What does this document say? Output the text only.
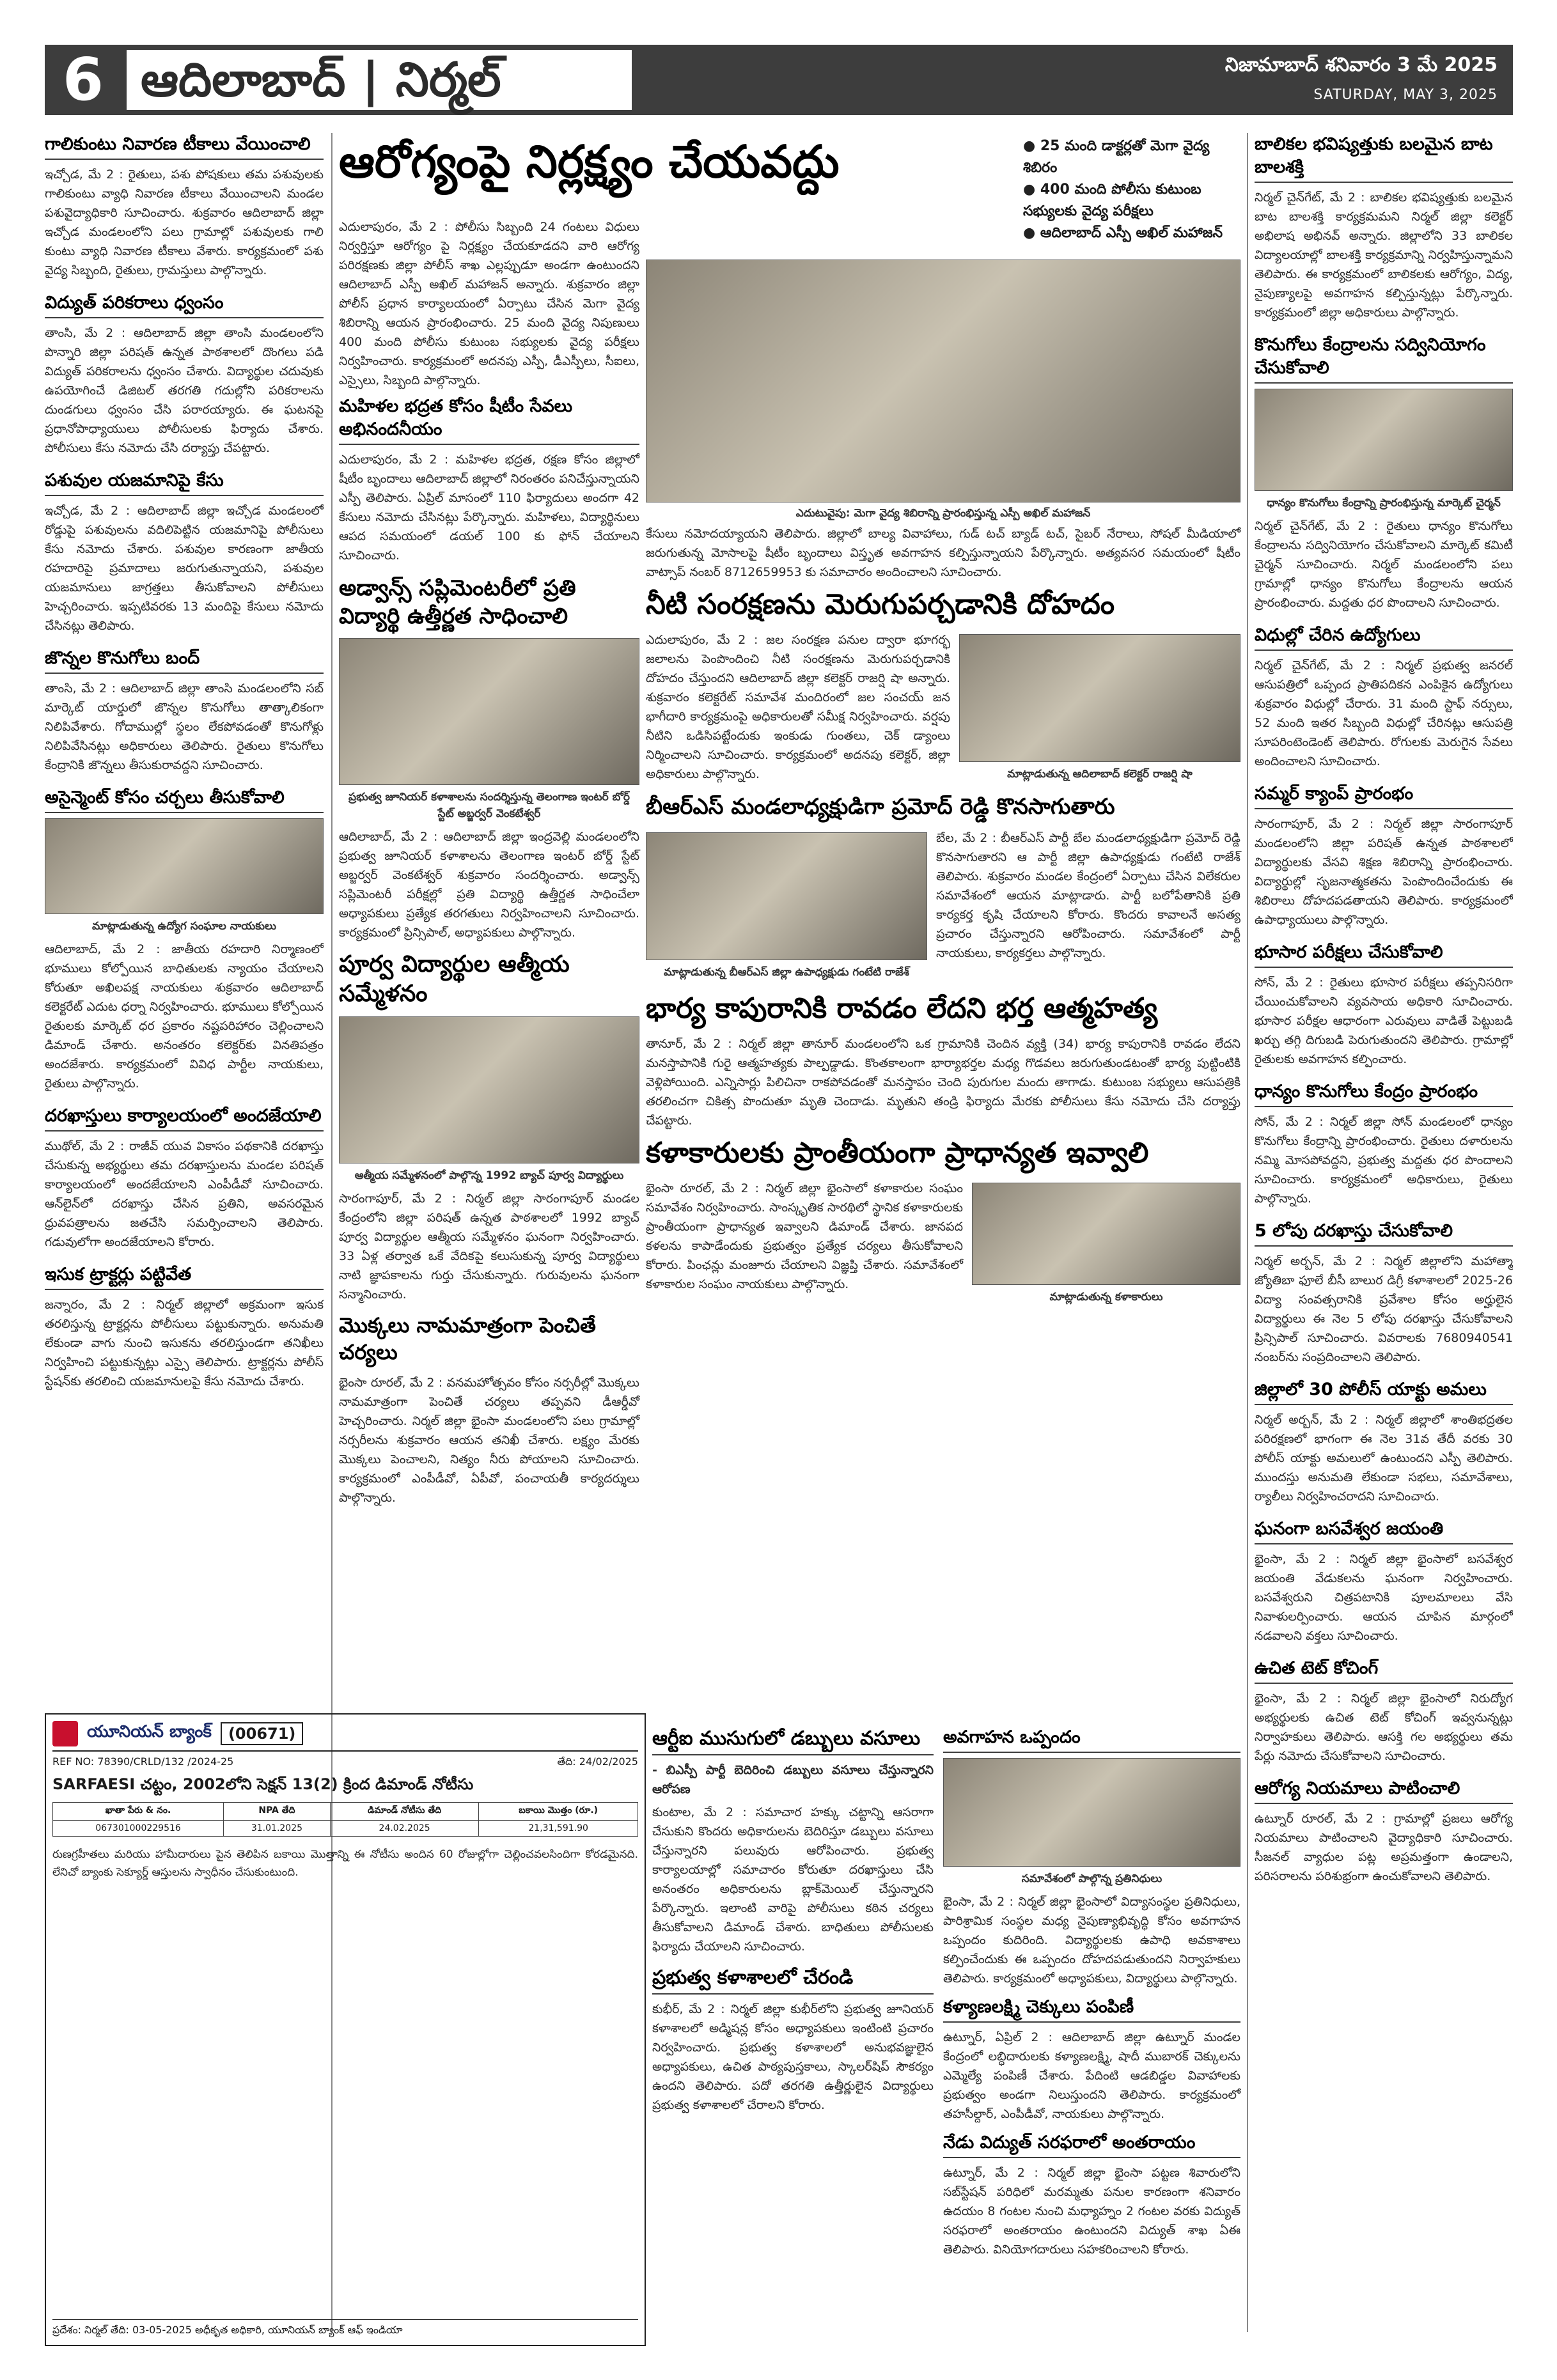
6 ఆదిలాబాద్ | నిర్మల్	నిజామాబాద్ శనివారం 3 మే 2025
SATURDAY, MAY 3, 2025
గాలికుంటు నివారణ టీకాలు వేయించాలి
ఇచ్చోడ, మే 2 : రైతులు, పశు పోషకులు తమ పశువులకు గాలికుంటు వ్యాధి నివారణ టీకాలు వేయించాలని మండల పశువైద్యాధికారి సూచించారు. శుక్రవారం ఆదిలాబాద్ జిల్లా ఇచ్చోడ మండలంలోని పలు గ్రామాల్లో పశువులకు గాలి కుంటు వ్యాధి నివారణ టీకాలు వేశారు. కార్యక్రమంలో పశు వైద్య సిబ్బంది, రైతులు, గ్రామస్తులు పాల్గొన్నారు.
విద్యుత్ పరికరాలు ధ్వంసం
తాంసి, మే 2 : ఆదిలాబాద్ జిల్లా తాంసి మండలంలోని పొన్నారి జిల్లా పరిషత్ ఉన్నత పాఠశాలలో దొంగలు పడి విద్యుత్ పరికరాలను ధ్వంసం చేశారు. విద్యార్థుల చదువుకు ఉపయోగించే డిజిటల్ తరగతి గదుల్లోని పరికరాలను దుండగులు ధ్వంసం చేసి పరారయ్యారు. ఈ ఘటనపై ప్రధానోపాధ్యాయులు పోలీసులకు ఫిర్యాదు చేశారు. పోలీసులు కేసు నమోదు చేసి దర్యాప్తు చేపట్టారు.
పశువుల యజమానిపై కేసు
ఇచ్చోడ, మే 2 : ఆదిలాబాద్ జిల్లా ఇచ్చోడ మండలంలో రోడ్డుపై పశువులను వదిలిపెట్టిన యజమానిపై పోలీసులు కేసు నమోదు చేశారు. పశువుల కారణంగా జాతీయ రహదారిపై ప్రమాదాలు జరుగుతున్నాయని, పశువుల యజమానులు జాగ్రత్తలు తీసుకోవాలని పోలీసులు హెచ్చరించారు. ఇప్పటివరకు 13 మందిపై కేసులు నమోదు చేసినట్లు తెలిపారు.
జొన్నల కొనుగోలు బంద్
తాంసి, మే 2 : ఆదిలాబాద్ జిల్లా తాంసి మండలంలోని సబ్ మార్కెట్ యార్డులో జొన్నల కొనుగోలు తాత్కాలికంగా నిలిపివేశారు. గోదాముల్లో స్థలం లేకపోవడంతో కొనుగోళ్లు నిలిపివేసినట్లు అధికారులు తెలిపారు. రైతులు కొనుగోలు కేంద్రానికి జొన్నలు తీసుకురావద్దని సూచించారు.
అసైన్మెంట్ కోసం చర్చలు తీసుకోవాలి
మాట్లాడుతున్న ఉద్యోగ సంఘాల నాయకులు
ఆదిలాబాద్, మే 2 : జాతీయ రహదారి నిర్మాణంలో భూములు కోల్పోయిన బాధితులకు న్యాయం చేయాలని కోరుతూ అఖిలపక్ష నాయకులు శుక్రవారం ఆదిలాబాద్ కలెక్టరేట్ ఎదుట ధర్నా నిర్వహించారు. భూములు కోల్పోయిన రైతులకు మార్కెట్ ధర ప్రకారం నష్టపరిహారం చెల్లించాలని డిమాండ్ చేశారు. అనంతరం కలెక్టర్‌కు వినతిపత్రం అందజేశారు. కార్యక్రమంలో వివిధ పార్టీల నాయకులు, రైతులు పాల్గొన్నారు.
దరఖాస్తులు కార్యాలయంలో అందజేయాలి
ముథోల్, మే 2 : రాజీవ్ యువ వికాసం పథకానికి దరఖాస్తు చేసుకున్న అభ్యర్థులు తమ దరఖాస్తులను మండల పరిషత్ కార్యాలయంలో అందజేయాలని ఎంపీడీవో సూచించారు. ఆన్‌లైన్‌లో దరఖాస్తు చేసిన ప్రతిని, అవసరమైన ధ్రువపత్రాలను జతచేసి సమర్పించాలని తెలిపారు. గడువులోగా అందజేయాలని కోరారు.
ఇసుక ట్రాక్టర్లు పట్టివేత
జన్నారం, మే 2 : నిర్మల్ జిల్లాలో అక్రమంగా ఇసుక తరలిస్తున్న ట్రాక్టర్లను పోలీసులు పట్టుకున్నారు. అనుమతి లేకుండా వాగు నుంచి ఇసుకను తరలిస్తుండగా తనిఖీలు నిర్వహించి పట్టుకున్నట్లు ఎస్సై తెలిపారు. ట్రాక్టర్లను పోలీస్ స్టేషన్‌కు తరలించి యజమానులపై కేసు నమోదు చేశారు.
యూనియన్ బ్యాంక్	(00671)
REF NO: 78390/CRLD/132 /2024-25	తేది: 24/02/2025
SARFAESI చట్టం, 2002లోని సెక్షన్ 13(2) క్రింద డిమాండ్ నోటీసు
ఖాతా పేరు & నం.	NPA తేది	డిమాండ్ నోటీసు తేది	బకాయి మొత్తం (రూ.)
067301000229516	31.01.2025	24.02.2025	21,31,591.90
రుణగ్రహీతలు మరియు హామీదారులు పైన తెలిపిన బకాయి మొత్తాన్ని ఈ నోటీసు అందిన 60 రోజుల్లోగా చెల్లించవలసిందిగా కోరడమైనది. లేనిచో బ్యాంకు సెక్యూర్డ్ ఆస్తులను స్వాధీనం చేసుకుంటుంది.
ప్రదేశం: నిర్మల్ తేది: 03-05-2025 అధీకృత అధికారి, యూనియన్ బ్యాంక్ ఆఫ్ ఇండియా
ఆరోగ్యంపై నిర్లక్ష్యం చేయవద్దు	● 25 మంది డాక్టర్లతో మెగా వైద్య శిబిరం
● 400 మంది పోలీసు కుటుంబ సభ్యులకు వైద్య పరీక్షలు
● ఆదిలాబాద్ ఎస్పీ అఖిల్ మహాజన్
ఎదులాపురం, మే 2 : పోలీసు సిబ్బంది 24 గంటలు విధులు నిర్వర్తిస్తూ ఆరోగ్యం పై నిర్లక్ష్యం చేయకూడదని వారి ఆరోగ్య పరిరక్షణకు జిల్లా పోలీస్ శాఖ ఎల్లప్పుడూ అండగా ఉంటుందని ఆదిలాబాద్ ఎస్పీ అఖిల్ మహాజన్ అన్నారు. శుక్రవారం జిల్లా పోలీస్ ప్రధాన కార్యాలయంలో ఏర్పాటు చేసిన మెగా వైద్య శిబిరాన్ని ఆయన ప్రారంభించారు. 25 మంది వైద్య నిపుణులు 400 మంది పోలీసు కుటుంబ సభ్యులకు వైద్య పరీక్షలు నిర్వహించారు. కార్యక్రమంలో అదనపు ఎస్పీ, డీఎస్పీలు, సీఐలు, ఎస్సైలు, సిబ్బంది పాల్గొన్నారు.
మహిళల భద్రత కోసం షీటీం సేవలు అభినందనీయం
ఎదులాపురం, మే 2 : మహిళల భద్రత, రక్షణ కోసం జిల్లాలో షీటీం బృందాలు ఆదిలాబాద్ జిల్లాలో నిరంతరం పనిచేస్తున్నాయని ఎస్పీ తెలిపారు. ఏప్రిల్ మాసంలో 110 ఫిర్యాదులు అందగా 42 కేసులు నమోదు చేసినట్లు పేర్కొన్నారు. మహిళలు, విద్యార్థినులు ఆపద సమయంలో డయల్ 100 కు ఫోన్ చేయాలని సూచించారు.
అడ్వాన్స్ సప్లిమెంటరీలో ప్రతి విద్యార్థి ఉత్తీర్ణత సాధించాలి
ప్రభుత్వ జూనియర్ కళాశాలను సందర్శిస్తున్న తెలంగాణ ఇంటర్ బోర్డ్ స్టేట్ అబ్జర్వర్ వెంకటేశ్వర్
ఆదిలాబాద్, మే 2 : ఆదిలాబాద్ జిల్లా ఇంద్రవెల్లి మండలంలోని ప్రభుత్వ జూనియర్ కళాశాలను తెలంగాణ ఇంటర్ బోర్డ్ స్టేట్ అబ్జర్వర్ వెంకటేశ్వర్ శుక్రవారం సందర్శించారు. అడ్వాన్స్ సప్లిమెంటరీ పరీక్షల్లో ప్రతి విద్యార్థి ఉత్తీర్ణత సాధించేలా అధ్యాపకులు ప్రత్యేక తరగతులు నిర్వహించాలని సూచించారు. కార్యక్రమంలో ప్రిన్సిపాల్, అధ్యాపకులు పాల్గొన్నారు.
పూర్వ విద్యార్థుల ఆత్మీయ సమ్మేళనం
ఆత్మీయ సమ్మేళనంలో పాల్గొన్న 1992 బ్యాచ్ పూర్వ విద్యార్థులు
సారంగాపూర్, మే 2 : నిర్మల్ జిల్లా సారంగాపూర్ మండల కేంద్రంలోని జిల్లా పరిషత్ ఉన్నత పాఠశాలలో 1992 బ్యాచ్ పూర్వ విద్యార్థుల ఆత్మీయ సమ్మేళనం ఘనంగా నిర్వహించారు. 33 ఏళ్ల తర్వాత ఒకే వేదికపై కలుసుకున్న పూర్వ విద్యార్థులు నాటి జ్ఞాపకాలను గుర్తు చేసుకున్నారు. గురువులను ఘనంగా సన్మానించారు.
మొక్కలు నామమాత్రంగా పెంచితే చర్యలు
భైంసా రూరల్, మే 2 : వనమహోత్సవం కోసం నర్సరీల్లో మొక్కలు నామమాత్రంగా పెంచితే చర్యలు తప్పవని డీఆర్డీవో హెచ్చరించారు. నిర్మల్ జిల్లా భైంసా మండలంలోని పలు గ్రామాల్లో నర్సరీలను శుక్రవారం ఆయన తనిఖీ చేశారు. లక్ష్యం మేరకు మొక్కలు పెంచాలని, నిత్యం నీరు పోయాలని సూచించారు. కార్యక్రమంలో ఎంపీడీవో, ఏపీవో, పంచాయతీ కార్యదర్శులు పాల్గొన్నారు.
ఎదుటువైపు: మెగా వైద్య శిబిరాన్ని ప్రారంభిస్తున్న ఎస్పీ అఖిల్ మహాజన్
కేసులు నమోదయ్యాయని తెలిపారు. జిల్లాలో బాల్య వివాహాలు, గుడ్ టచ్ బ్యాడ్ టచ్, సైబర్ నేరాలు, సోషల్ మీడియాలో జరుగుతున్న మోసాలపై షీటీం బృందాలు విస్తృత అవగాహన కల్పిస్తున్నాయని పేర్కొన్నారు. అత్యవసర సమయంలో షీటీం వాట్సాప్ నంబర్ 8712659953 కు సమాచారం అందించాలని సూచించారు.
నీటి సంరక్షణను మెరుగుపర్చడానికి దోహదం
ఎదులాపురం, మే 2 : జల సంరక్షణ పనుల ద్వారా భూగర్భ జలాలను పెంపొందించి నీటి సంరక్షణను మెరుగుపర్చడానికి దోహదం చేస్తుందని ఆదిలాబాద్ జిల్లా కలెక్టర్ రాజర్షి షా అన్నారు. శుక్రవారం కలెక్టరేట్ సమావేశ మందిరంలో జల సంచయ్ జన భాగీదారి కార్యక్రమంపై అధికారులతో సమీక్ష నిర్వహించారు. వర్షపు నీటిని ఒడిసిపట్టేందుకు ఇంకుడు గుంతలు, చెక్ డ్యాంలు నిర్మించాలని సూచించారు. కార్యక్రమంలో అదనపు కలెక్టర్, జిల్లా అధికారులు పాల్గొన్నారు.	మాట్లాడుతున్న ఆదిలాబాద్ కలెక్టర్ రాజర్షి షా
బీఆర్ఎస్ మండలాధ్యక్షుడిగా ప్రమోద్ రెడ్డి కొనసాగుతారు
మాట్లాడుతున్న బీఆర్ఎస్ జిల్లా ఉపాధ్యక్షుడు గంటేటి రాజేశ్
బేల, మే 2 : బీఆర్ఎస్ పార్టీ బేల మండలాధ్యక్షుడిగా ప్రమోద్ రెడ్డి కొనసాగుతారని ఆ పార్టీ జిల్లా ఉపాధ్యక్షుడు గంటేటి రాజేశ్ తెలిపారు. శుక్రవారం మండల కేంద్రంలో ఏర్పాటు చేసిన విలేకరుల సమావేశంలో ఆయన మాట్లాడారు. పార్టీ బలోపేతానికి ప్రతి కార్యకర్త కృషి చేయాలని కోరారు. కొందరు కావాలనే అసత్య ప్రచారం చేస్తున్నారని ఆరోపించారు. సమావేశంలో పార్టీ నాయకులు, కార్యకర్తలు పాల్గొన్నారు.
భార్య కాపురానికి రావడం లేదని భర్త ఆత్మహత్య
తానూర్, మే 2 : నిర్మల్ జిల్లా తానూర్ మండలంలోని ఒక గ్రామానికి చెందిన వ్యక్తి (34) భార్య కాపురానికి రావడం లేదని మనస్తాపానికి గురై ఆత్మహత్యకు పాల్పడ్డాడు. కొంతకాలంగా భార్యాభర్తల మధ్య గొడవలు జరుగుతుండటంతో భార్య పుట్టింటికి వెళ్లిపోయింది. ఎన్నిసార్లు పిలిచినా రాకపోవడంతో మనస్తాపం చెంది పురుగుల మందు తాగాడు. కుటుంబ సభ్యులు ఆసుపత్రికి తరలించగా చికిత్స పొందుతూ మృతి చెందాడు. మృతుని తండ్రి ఫిర్యాదు మేరకు పోలీసులు కేసు నమోదు చేసి దర్యాప్తు చేపట్టారు.
కళాకారులకు ప్రాంతీయంగా ప్రాధాన్యత ఇవ్వాలి
భైంసా రూరల్, మే 2 : నిర్మల్ జిల్లా భైంసాలో కళాకారుల సంఘం సమావేశం నిర్వహించారు. సాంస్కృతిక సారథిలో స్థానిక కళాకారులకు ప్రాంతీయంగా ప్రాధాన్యత ఇవ్వాలని డిమాండ్ చేశారు. జానపద కళలను కాపాడేందుకు ప్రభుత్వం ప్రత్యేక చర్యలు తీసుకోవాలని కోరారు. పింఛన్లు మంజూరు చేయాలని విజ్ఞప్తి చేశారు. సమావేశంలో కళాకారుల సంఘం నాయకులు పాల్గొన్నారు.
మాట్లాడుతున్న కళాకారులు
ఆర్టీఐ ముసుగులో డబ్బులు వసూలు
- బిఎస్పీ పార్టీ బెదిరించి డబ్బులు వసూలు చేస్తున్నారని ఆరోపణ
కుంటాల, మే 2 : సమాచార హక్కు చట్టాన్ని ఆసరాగా చేసుకుని కొందరు అధికారులను బెదిరిస్తూ డబ్బులు వసూలు చేస్తున్నారని పలువురు ఆరోపించారు. ప్రభుత్వ కార్యాలయాల్లో సమాచారం కోరుతూ దరఖాస్తులు చేసి అనంతరం అధికారులను బ్లాక్‌మెయిల్ చేస్తున్నారని పేర్కొన్నారు. ఇలాంటి వారిపై పోలీసులు కఠిన చర్యలు తీసుకోవాలని డిమాండ్ చేశారు. బాధితులు పోలీసులకు ఫిర్యాదు చేయాలని సూచించారు.
ప్రభుత్వ కళాశాలలో చేరండి
కుభీర్, మే 2 : నిర్మల్ జిల్లా కుభీర్‌లోని ప్రభుత్వ జూనియర్ కళాశాలలో అడ్మిషన్ల కోసం అధ్యాపకులు ఇంటింటి ప్రచారం నిర్వహించారు. ప్రభుత్వ కళాశాలలో అనుభవజ్ఞులైన అధ్యాపకులు, ఉచిత పాఠ్యపుస్తకాలు, స్కాలర్‌షిప్ సౌకర్యం ఉందని తెలిపారు. పదో తరగతి ఉత్తీర్ణులైన విద్యార్థులు ప్రభుత్వ కళాశాలలో చేరాలని కోరారు.
అవగాహన ఒప్పందం
సమావేశంలో పాల్గొన్న ప్రతినిధులు
భైంసా, మే 2 : నిర్మల్ జిల్లా భైంసాలో విద్యాసంస్థల ప్రతినిధులు, పారిశ్రామిక సంస్థల మధ్య నైపుణ్యాభివృద్ధి కోసం అవగాహన ఒప్పందం కుదిరింది. విద్యార్థులకు ఉపాధి అవకాశాలు కల్పించేందుకు ఈ ఒప్పందం దోహదపడుతుందని నిర్వాహకులు తెలిపారు. కార్యక్రమంలో అధ్యాపకులు, విద్యార్థులు పాల్గొన్నారు.
కళ్యాణలక్ష్మి చెక్కులు పంపిణీ
ఉట్నూర్, ఏప్రిల్ 2 : ఆదిలాబాద్ జిల్లా ఉట్నూర్ మండల కేంద్రంలో లబ్ధిదారులకు కళ్యాణలక్ష్మి, షాదీ ముబారక్ చెక్కులను ఎమ్మెల్యే పంపిణీ చేశారు. పేదింటి ఆడబిడ్డల వివాహాలకు ప్రభుత్వం అండగా నిలుస్తుందని తెలిపారు. కార్యక్రమంలో తహసీల్దార్, ఎంపీడీవో, నాయకులు పాల్గొన్నారు.
నేడు విద్యుత్ సరఫరాలో అంతరాయం
ఉట్నూర్, మే 2 : నిర్మల్ జిల్లా భైంసా పట్టణ శివారులోని సబ్‌స్టేషన్ పరిధిలో మరమ్మతు పనుల కారణంగా శనివారం ఉదయం 8 గంటల నుంచి మధ్యాహ్నం 2 గంటల వరకు విద్యుత్ సరఫరాలో అంతరాయం ఉంటుందని విద్యుత్ శాఖ ఏఈ తెలిపారు. వినియోగదారులు సహకరించాలని కోరారు.
బాలికల భవిష్యత్తుకు బలమైన బాట బాలశక్తి
నిర్మల్ చైన్‌గేట్, మే 2 : బాలికల భవిష్యత్తుకు బలమైన బాట బాలశక్తి కార్యక్రమమని నిర్మల్ జిల్లా కలెక్టర్ అభిలాష అభినవ్ అన్నారు. జిల్లాలోని 33 బాలికల విద్యాలయాల్లో బాలశక్తి కార్యక్రమాన్ని నిర్వహిస్తున్నామని తెలిపారు. ఈ కార్యక్రమంలో బాలికలకు ఆరోగ్యం, విద్య, నైపుణ్యాలపై అవగాహన కల్పిస్తున్నట్లు పేర్కొన్నారు. కార్యక్రమంలో జిల్లా అధికారులు పాల్గొన్నారు.
కొనుగోలు కేంద్రాలను సద్వినియోగం చేసుకోవాలి
ధాన్యం కొనుగోలు కేంద్రాన్ని ప్రారంభిస్తున్న మార్కెట్ చైర్మన్
నిర్మల్ చైన్‌గేట్, మే 2 : రైతులు ధాన్యం కొనుగోలు కేంద్రాలను సద్వినియోగం చేసుకోవాలని మార్కెట్ కమిటీ చైర్మన్ సూచించారు. నిర్మల్ మండలంలోని పలు గ్రామాల్లో ధాన్యం కొనుగోలు కేంద్రాలను ఆయన ప్రారంభించారు. మద్దతు ధర పొందాలని సూచించారు.
విధుల్లో చేరిన ఉద్యోగులు
నిర్మల్ చైన్‌గేట్, మే 2 : నిర్మల్ ప్రభుత్వ జనరల్ ఆసుపత్రిలో ఒప్పంద ప్రాతిపదికన ఎంపికైన ఉద్యోగులు శుక్రవారం విధుల్లో చేరారు. 31 మంది స్టాఫ్ నర్సులు, 52 మంది ఇతర సిబ్బంది విధుల్లో చేరినట్లు ఆసుపత్రి సూపరింటెండెంట్ తెలిపారు. రోగులకు మెరుగైన సేవలు అందించాలని సూచించారు.
సమ్మర్ క్యాంప్ ప్రారంభం
సారంగాపూర్, మే 2 : నిర్మల్ జిల్లా సారంగాపూర్ మండలంలోని జిల్లా పరిషత్ ఉన్నత పాఠశాలలో విద్యార్థులకు వేసవి శిక్షణ శిబిరాన్ని ప్రారంభించారు. విద్యార్థుల్లో సృజనాత్మకతను పెంపొందించేందుకు ఈ శిబిరాలు దోహదపడతాయని తెలిపారు. కార్యక్రమంలో ఉపాధ్యాయులు పాల్గొన్నారు.
భూసార పరీక్షలు చేసుకోవాలి
సోన్, మే 2 : రైతులు భూసార పరీక్షలు తప్పనిసరిగా చేయించుకోవాలని వ్యవసాయ అధికారి సూచించారు. భూసార పరీక్షల ఆధారంగా ఎరువులు వాడితే పెట్టుబడి ఖర్చు తగ్గి దిగుబడి పెరుగుతుందని తెలిపారు. గ్రామాల్లో రైతులకు అవగాహన కల్పించారు.
ధాన్యం కొనుగోలు కేంద్రం ప్రారంభం
సోన్, మే 2 : నిర్మల్ జిల్లా సోన్ మండలంలో ధాన్యం కొనుగోలు కేంద్రాన్ని ప్రారంభించారు. రైతులు దళారులను నమ్మి మోసపోవద్దని, ప్రభుత్వ మద్దతు ధర పొందాలని సూచించారు. కార్యక్రమంలో అధికారులు, రైతులు పాల్గొన్నారు.
5 లోపు దరఖాస్తు చేసుకోవాలి
నిర్మల్ అర్బన్, మే 2 : నిర్మల్ జిల్లాలోని మహాత్మా జ్యోతిబా ఫూలే బీసీ బాలుర డిగ్రీ కళాశాలలో 2025-26 విద్యా సంవత్సరానికి ప్రవేశాల కోసం అర్హులైన విద్యార్థులు ఈ నెల 5 లోపు దరఖాస్తు చేసుకోవాలని ప్రిన్సిపాల్ సూచించారు. వివరాలకు 7680940541 నంబర్‌ను సంప్రదించాలని తెలిపారు.
జిల్లాలో 30 పోలీస్ యాక్టు అమలు
నిర్మల్ అర్బన్, మే 2 : నిర్మల్ జిల్లాలో శాంతిభద్రతల పరిరక్షణలో భాగంగా ఈ నెల 31వ తేదీ వరకు 30 పోలీస్ యాక్టు అమలులో ఉంటుందని ఎస్పీ తెలిపారు. ముందస్తు అనుమతి లేకుండా సభలు, సమావేశాలు, ర్యాలీలు నిర్వహించరాదని సూచించారు.
ఘనంగా బసవేశ్వర జయంతి
భైంసా, మే 2 : నిర్మల్ జిల్లా భైంసాలో బసవేశ్వర జయంతి వేడుకలను ఘనంగా నిర్వహించారు. బసవేశ్వరుని చిత్రపటానికి పూలమాలలు వేసి నివాళులర్పించారు. ఆయన చూపిన మార్గంలో నడవాలని వక్తలు సూచించారు.
ఉచిత టెట్ కోచింగ్
భైంసా, మే 2 : నిర్మల్ జిల్లా భైంసాలో నిరుద్యోగ అభ్యర్థులకు ఉచిత టెట్ కోచింగ్ ఇవ్వనున్నట్లు నిర్వాహకులు తెలిపారు. ఆసక్తి గల అభ్యర్థులు తమ పేర్లు నమోదు చేసుకోవాలని సూచించారు.
ఆరోగ్య నియమాలు పాటించాలి
ఉట్నూర్ రూరల్, మే 2 : గ్రామాల్లో ప్రజలు ఆరోగ్య నియమాలు పాటించాలని వైద్యాధికారి సూచించారు. సీజనల్ వ్యాధుల పట్ల అప్రమత్తంగా ఉండాలని, పరిసరాలను పరిశుభ్రంగా ఉంచుకోవాలని తెలిపారు.
